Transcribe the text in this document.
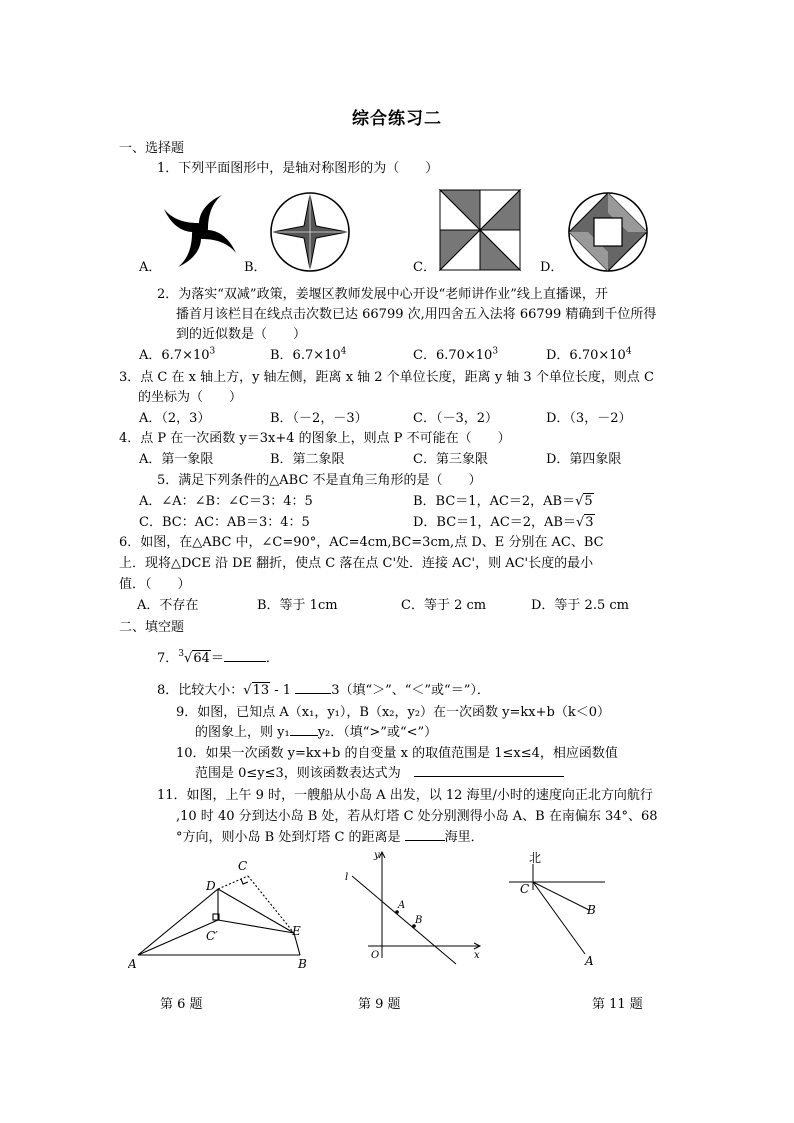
综合练习二
一、选择题
1．下列平面图形中，是轴对称图形的为（　　）
A．	B．	C．	D．
2．为落实“双减”政策，姜堰区教师发展中心开设“老师讲作业”线上直播课，开
播首月该栏目在线点击次数已达 66799 次,用四舍五入法将 66799 精确到千位所得
到的近似数是（　　）
A．$6.7\times 10^3$	B．$6.7\times 10^4$	C．$6.70\times 10^3$	D．$6.70\times 10^4$
3．点 C 在 x 轴上方，y 轴左侧，距离 x 轴 2 个单位长度，距离 y 轴 3 个单位长度，则点 C
的坐标为（　　）
A．（2，3）	B．（－2，－3）	C．（－3，2）	D．（3，－2）
4．点 P 在一次函数 y＝3x+4 的图象上，则点 P 不可能在（　　）
A．第一象限	B．第二象限	C．第三象限	D．第四象限
5．满足下列条件的△ABC 不是直角三角形的是（　　）
A．∠A：∠B：∠C＝3：4：5	B．BC＝1，AC＝2，AB＝√5
C．BC：AC：AB＝3：4：5	D．BC＝1，AC＝2，AB＝√3
6．如图，在△ABC 中，∠C=90°，AC=4cm,BC=3cm,点 D、E 分别在 AC、BC
上．现将△DCE 沿 DE 翻折，使点 C 落在点 C'处．连接 AC'，则 AC'长度的最小
值．（　　）
A．不存在	B．等于 1cm	C．等于 2 cm	D．等于 2.5 cm
二、填空题
7．$^3$√64＝	．
8．比较大小：√13 - 1	3（填“＞”、“＜”或“＝”）．
9．如图，已知点 A（x₁，y₁），B（x₂，y₂）在一次函数 y=kx+b（k＜0）
的图象上，则 y₁ y₂．（填“>”或“<”）
10．如果一次函数 y=kx+b 的自变量 x 的取值范围是 1≤x≤4，相应函数值
范围是 0≤y≤3，则该函数表达式为　
11．如图，上午 9 时，一艘船从小岛 A 出发，以 12 海里/小时的速度向正北方向航行
,10 时 40 分到达小岛 B 处，若从灯塔 C 处分别测得小岛 A、B 在南偏东 34°、68
°方向，则小岛 B 处到灯塔 C 的距离是	海里．
A	B
C
D
E
C′
第 6 题
y
x
O
l
A
B
第 9 题
北
C
B
A
第 11 题
